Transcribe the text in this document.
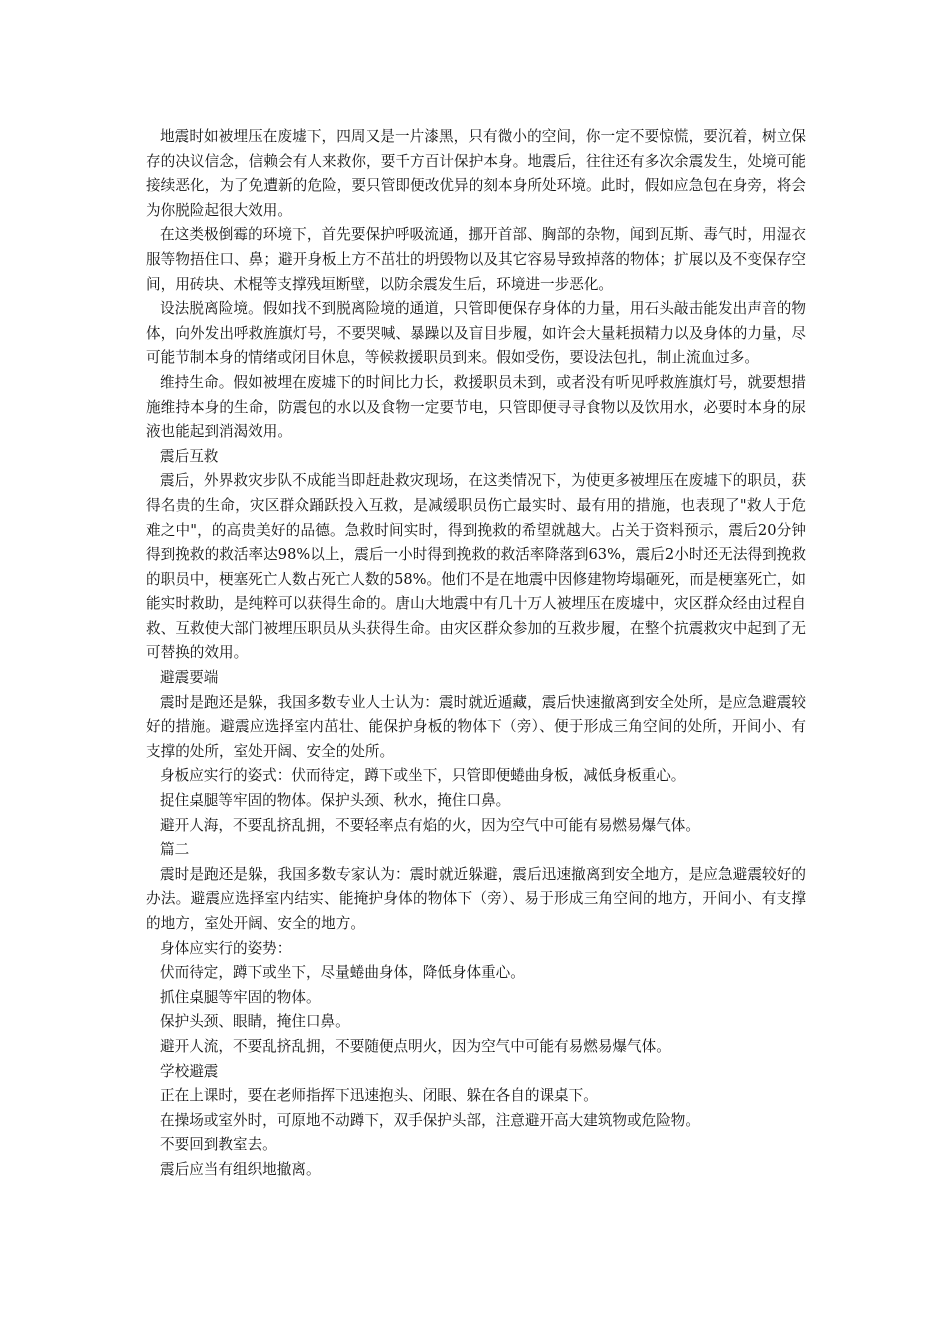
地震时如被埋压在废墟下，四周又是一片漆黑，只有微小的空间，你一定不要惊慌，要沉着，树立保存的决议信念，信赖会有人来救你，要千方百计保护本身。地震后，往往还有多次余震发生，处境可能接续恶化，为了免遭新的危险，要只管即便改优异的刻本身所处环境。此时，假如应急包在身旁，将会为你脱险起很大效用。

在这类极倒霉的环境下，首先要保护呼吸流通，挪开首部、胸部的杂物，闻到瓦斯、毒气时，用湿衣服等物捂住口、鼻；避开身板上方不茁壮的坍毁物以及其它容易导致掉落的物体；扩展以及不变保存空间，用砖块、术棍等支撑残垣断壁，以防余震发生后，环境进一步恶化。

设法脱离险境。假如找不到脱离险境的通道，只管即便保存身体的力量，用石头敲击能发出声音的物体，向外发出呼救旌旗灯号，不要哭喊、暴躁以及盲目步履，如许会大量耗损精力以及身体的力量，尽可能节制本身的情绪或闭目休息，等候救援职员到来。假如受伤，要设法包扎，制止流血过多。

维持生命。假如被埋在废墟下的时间比力长，救援职员未到，或者没有听见呼救旌旗灯号，就要想措施维持本身的生命，防震包的水以及食物一定要节电，只管即便寻寻食物以及饮用水，必要时本身的尿液也能起到消渴效用。

震后互救

震后，外界救灾步队不成能当即赶赴救灾现场，在这类情况下，为使更多被埋压在废墟下的职员，获得名贵的生命，灾区群众踊跃投入互救，是减缓职员伤亡最实时、最有用的措施，也表现了"救人于危难之中"，的高贵美好的品德。急救时间实时，得到挽救的希望就越大。占关于资料预示，震后20分钟得到挽救的救活率达98%以上，震后一小时得到挽救的救活率降落到63%，震后2小时还无法得到挽救的职员中，梗塞死亡人数占死亡人数的58%。他们不是在地震中因修建物垮塌砸死，而是梗塞死亡，如能实时救助，是纯粹可以获得生命的。唐山大地震中有几十万人被埋压在废墟中，灾区群众经由过程自救、互救使大部门被埋压职员从头获得生命。由灾区群众参加的互救步履，在整个抗震救灾中起到了无可替换的效用。

避震要端

震时是跑还是躲，我国多数专业人士认为：震时就近遁藏，震后快速撤离到安全处所，是应急避震较好的措施。避震应选择室内茁壮、能保护身板的物体下（旁）、便于形成三角空间的处所，开间小、有支撑的处所，室处开阔、安全的处所。

身板应实行的姿式：伏而待定，蹲下或坐下，只管即便蜷曲身板，减低身板重心。

捉住桌腿等牢固的物体。保护头颈、秋水，掩住口鼻。

避开人海，不要乱挤乱拥，不要轻率点有焰的火，因为空气中可能有易燃易爆气体。

篇二

震时是跑还是躲，我国多数专家认为：震时就近躲避，震后迅速撤离到安全地方，是应急避震较好的办法。避震应选择室内结实、能掩护身体的物体下（旁）、易于形成三角空间的地方，开间小、有支撑的地方，室处开阔、安全的地方。

身体应实行的姿势：

伏而待定，蹲下或坐下，尽量蜷曲身体，降低身体重心。

抓住桌腿等牢固的物体。

保护头颈、眼睛，掩住口鼻。

避开人流，不要乱挤乱拥，不要随便点明火，因为空气中可能有易燃易爆气体。

学校避震

正在上课时，要在老师指挥下迅速抱头、闭眼、躲在各自的课桌下。

在操场或室外时，可原地不动蹲下，双手保护头部，注意避开高大建筑物或危险物。

不要回到教室去。

震后应当有组织地撤离。
